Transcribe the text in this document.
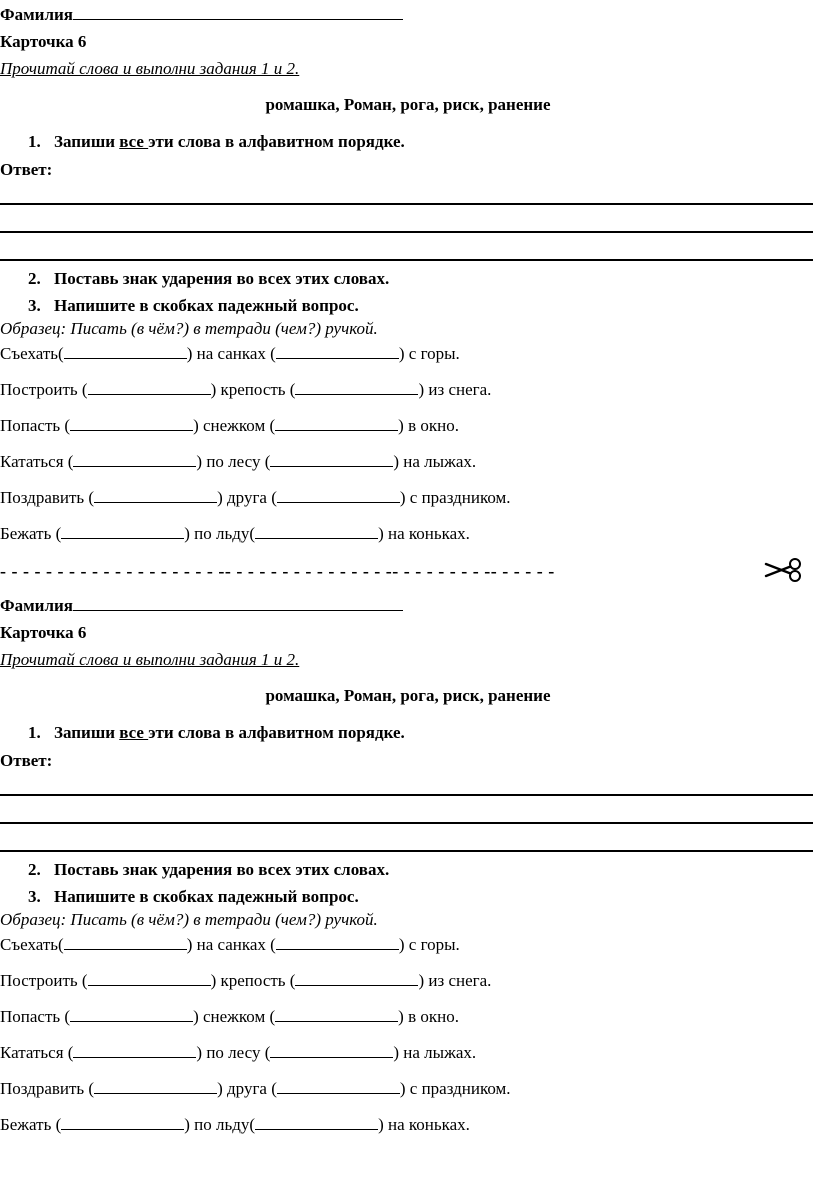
Фамилия
Карточка 6
Прочитай слова и выполни задания 1 и 2.
ромашка, Роман, рога, риск, ранение
1. Запиши все эти слова в алфавитном порядке.
Ответ:
2. Поставь знак ударения во всех этих словах.
3. Напишите в скобках падежный вопрос.
Образец: Писать (в чём?) в тетради (чем?) ручкой.
Съехать(	) на санках (	) с горы.
Построить (	) крепость (	) из снега.
Попасть (	) снежком (	) в окно.
Кататься (	) по лесу (	) на лыжах.
Поздравить (	) друга (	) с праздником.
Бежать (	) по льду(	) на коньках.
- - - - - - - - - - - - - - - - - - - -- - - - - - - - - - - - - - -- - - - - - - - -- - - - - -
Фамилия
Карточка 6
Прочитай слова и выполни задания 1 и 2.
ромашка, Роман, рога, риск, ранение
1. Запиши все эти слова в алфавитном порядке.
Ответ:
2. Поставь знак ударения во всех этих словах.
3. Напишите в скобках падежный вопрос.
Образец: Писать (в чём?) в тетради (чем?) ручкой.
Съехать(	) на санках (	) с горы.
Построить (	) крепость (	) из снега.
Попасть (	) снежком (	) в окно.
Кататься (	) по лесу (	) на лыжах.
Поздравить (	) друга (	) с праздником.
Бежать (	) по льду(	) на коньках.
